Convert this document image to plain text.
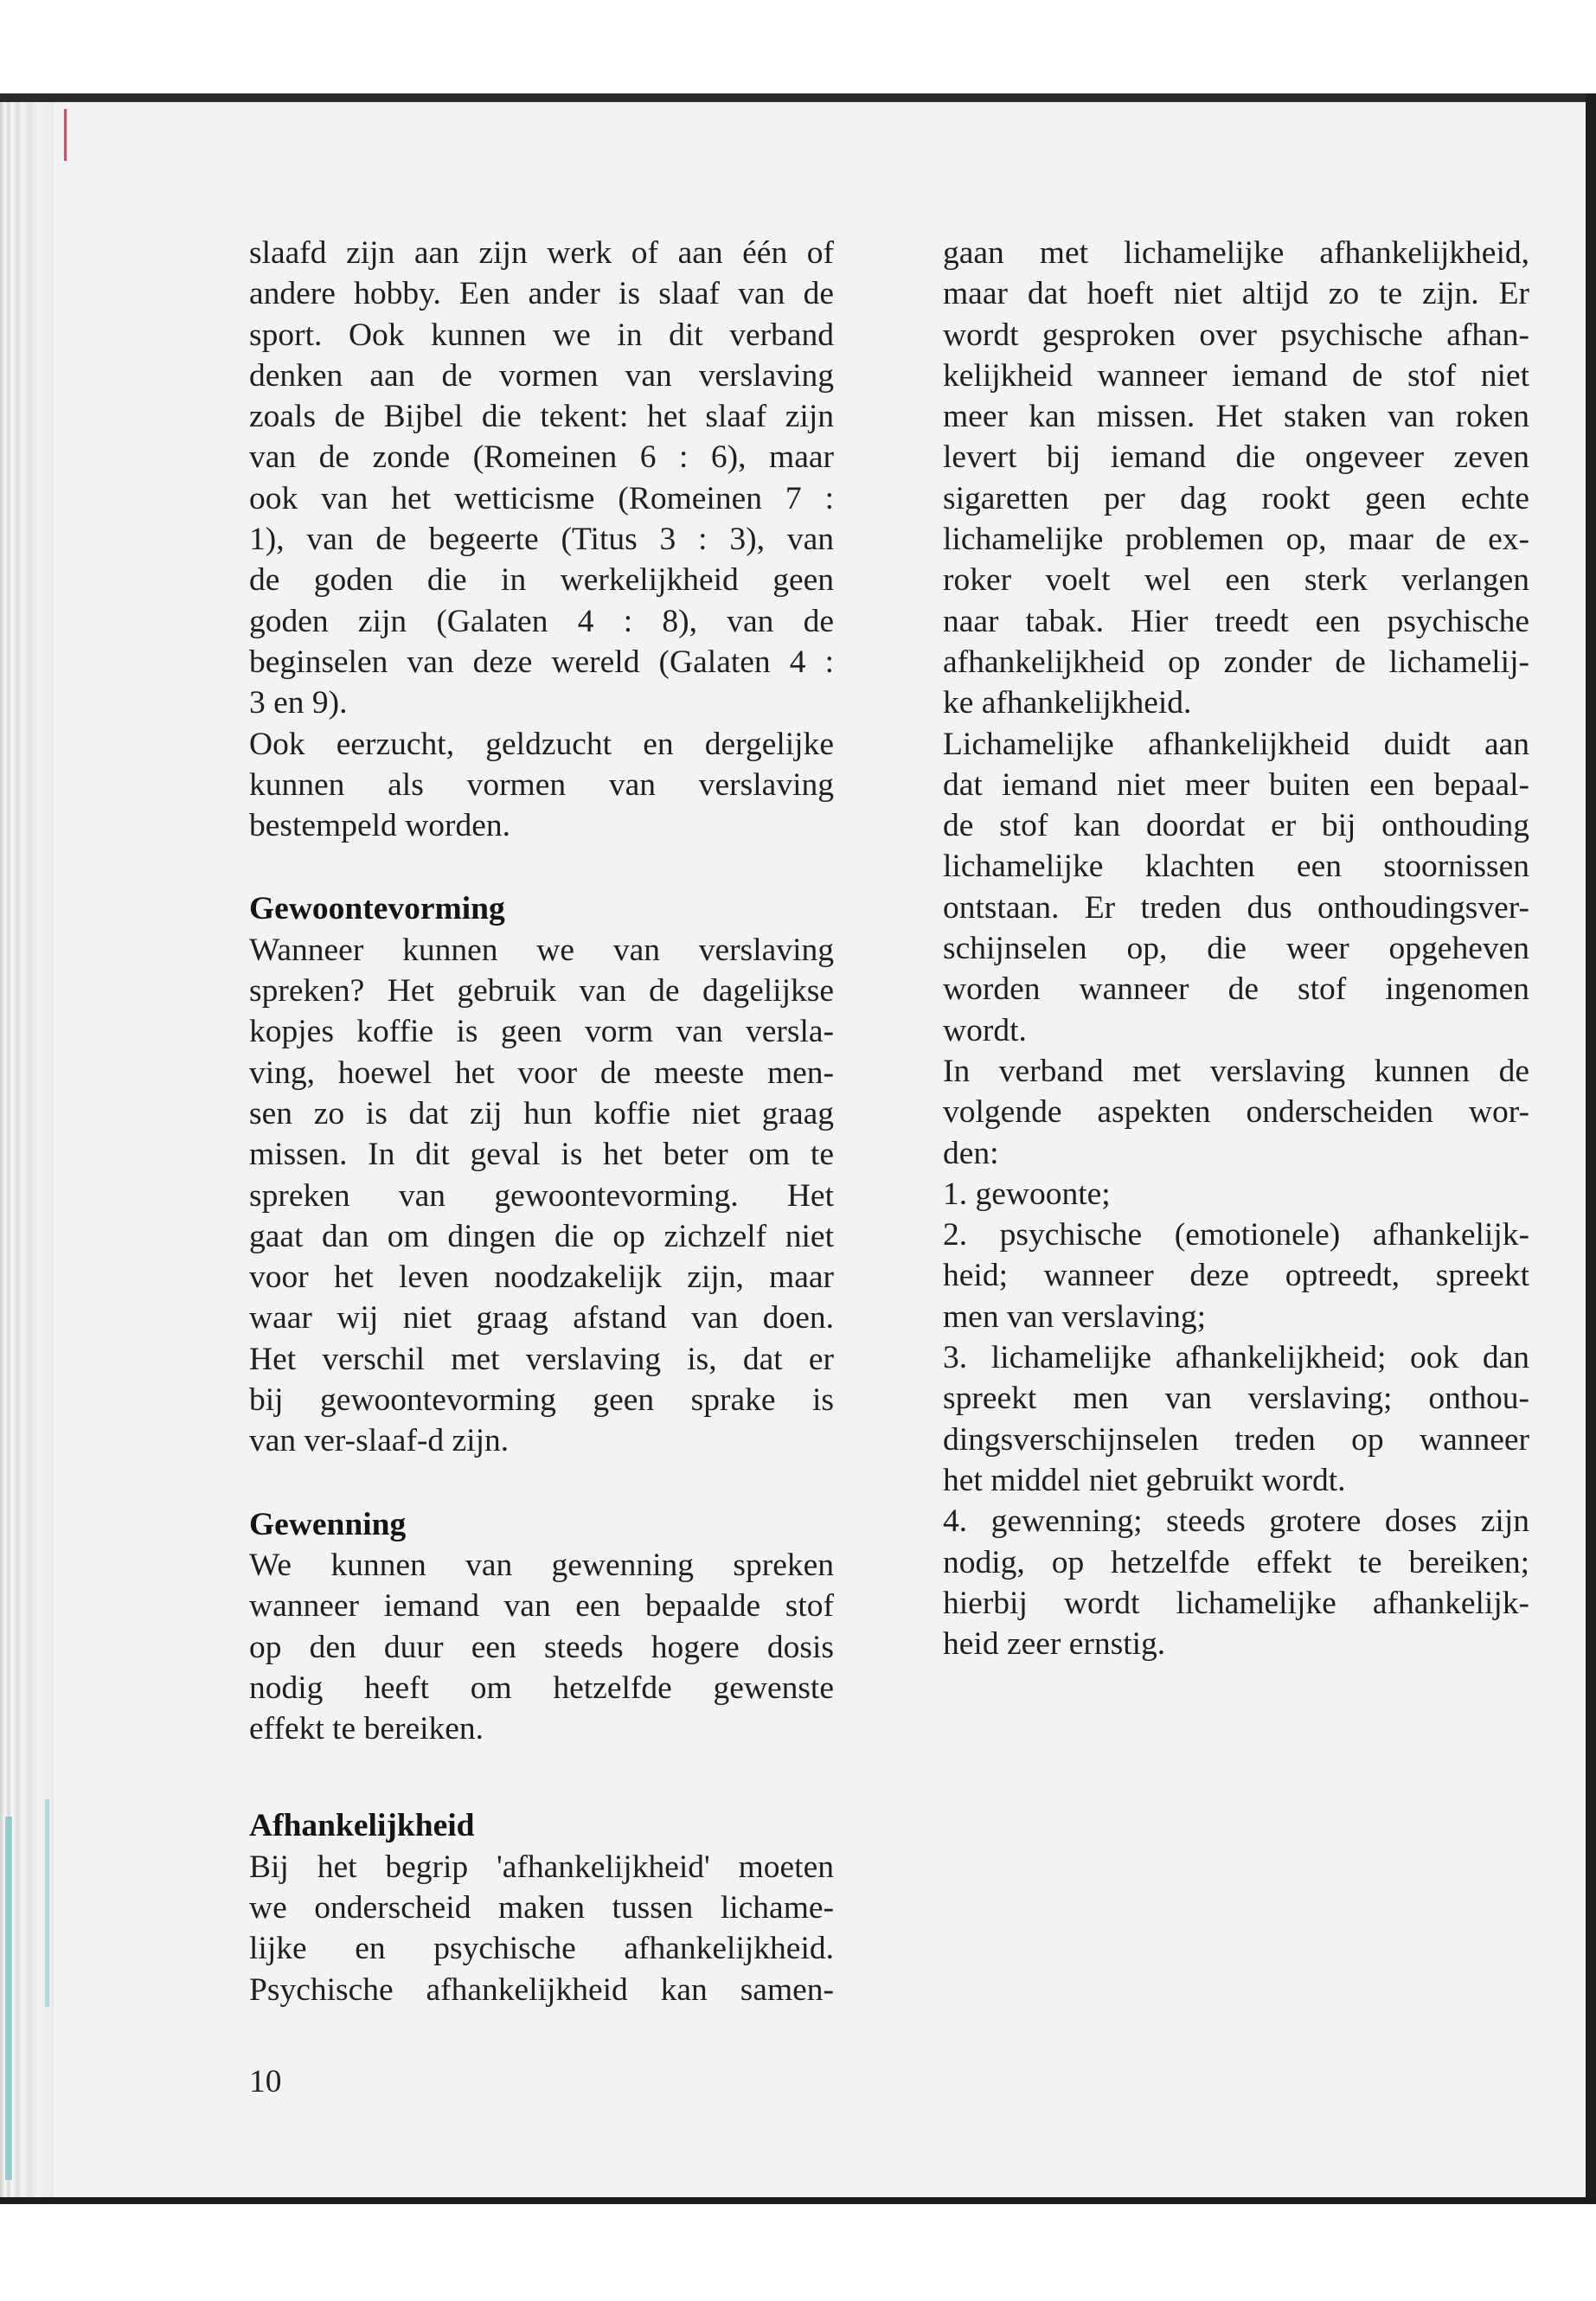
slaafd zijn aan zijn werk of aan één of
andere hobby. Een ander is slaaf van de
sport. Ook kunnen we in dit verband
denken aan de vormen van verslaving
zoals de Bijbel die tekent: het slaaf zijn
van de zonde (Romeinen 6 : 6), maar
ook van het wetticisme (Romeinen 7 :
1), van de begeerte (Titus 3 : 3), van
de goden die in werkelijkheid geen
goden zijn (Galaten 4 : 8), van de
beginselen van deze wereld (Galaten 4 :
3 en 9).
Ook eerzucht, geldzucht en dergelijke
kunnen als vormen van verslaving
bestempeld worden.
Gewoontevorming
Wanneer kunnen we van verslaving
spreken? Het gebruik van de dagelijkse
kopjes koffie is geen vorm van versla-
ving, hoewel het voor de meeste men-
sen zo is dat zij hun koffie niet graag
missen. In dit geval is het beter om te
spreken van gewoontevorming. Het
gaat dan om dingen die op zichzelf niet
voor het leven noodzakelijk zijn, maar
waar wij niet graag afstand van doen.
Het verschil met verslaving is, dat er
bij gewoontevorming geen sprake is
van ver-slaaf-d zijn.
Gewenning
We kunnen van gewenning spreken
wanneer iemand van een bepaalde stof
op den duur een steeds hogere dosis
nodig heeft om hetzelfde gewenste
effekt te bereiken.
Afhankelijkheid
Bij het begrip 'afhankelijkheid' moeten
we onderscheid maken tussen lichame-
lijke en psychische afhankelijkheid.
Psychische afhankelijkheid kan samen-
gaan met lichamelijke afhankelijkheid,
maar dat hoeft niet altijd zo te zijn. Er
wordt gesproken over psychische afhan-
kelijkheid wanneer iemand de stof niet
meer kan missen. Het staken van roken
levert bij iemand die ongeveer zeven
sigaretten per dag rookt geen echte
lichamelijke problemen op, maar de ex-
roker voelt wel een sterk verlangen
naar tabak. Hier treedt een psychische
afhankelijkheid op zonder de lichamelij-
ke afhankelijkheid.
Lichamelijke afhankelijkheid duidt aan
dat iemand niet meer buiten een bepaal-
de stof kan doordat er bij onthouding
lichamelijke klachten een stoornissen
ontstaan. Er treden dus onthoudingsver-
schijnselen op, die weer opgeheven
worden wanneer de stof ingenomen
wordt.
In verband met verslaving kunnen de
volgende aspekten onderscheiden wor-
den:
1. gewoonte;
2. psychische (emotionele) afhankelijk-
heid; wanneer deze optreedt, spreekt
men van verslaving;
3. lichamelijke afhankelijkheid; ook dan
spreekt men van verslaving; onthou-
dingsverschijnselen treden op wanneer
het middel niet gebruikt wordt.
4. gewenning; steeds grotere doses zijn
nodig, op hetzelfde effekt te bereiken;
hierbij wordt lichamelijke afhankelijk-
heid zeer ernstig.
10
